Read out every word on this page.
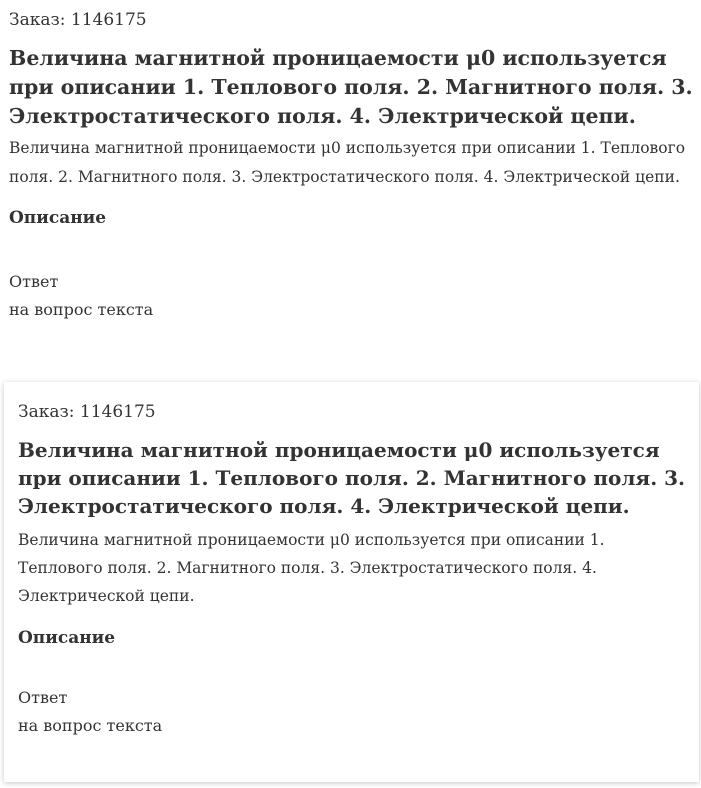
Заказ: 1146175

Величина магнитной проницаемости μ0 используется при описании 1. Теплового поля. 2. Магнитного поля. 3. Электростатического поля. 4. Электрической цепи.

Величина магнитной проницаемости μ0 используется при описании 1. Теплового поля. 2. Магнитного поля. 3. Электростатического поля. 4. Электрической цепи.

Описание

Ответ
на вопрос текста

Заказ: 1146175

Величина магнитной проницаемости μ0 используется при описании 1. Теплового поля. 2. Магнитного поля. 3. Электростатического поля. 4. Электрической цепи.

Величина магнитной проницаемости μ0 используется при описании 1. Теплового поля. 2. Магнитного поля. 3. Электростатического поля. 4. Электрической цепи.

Описание

Ответ
на вопрос текста
